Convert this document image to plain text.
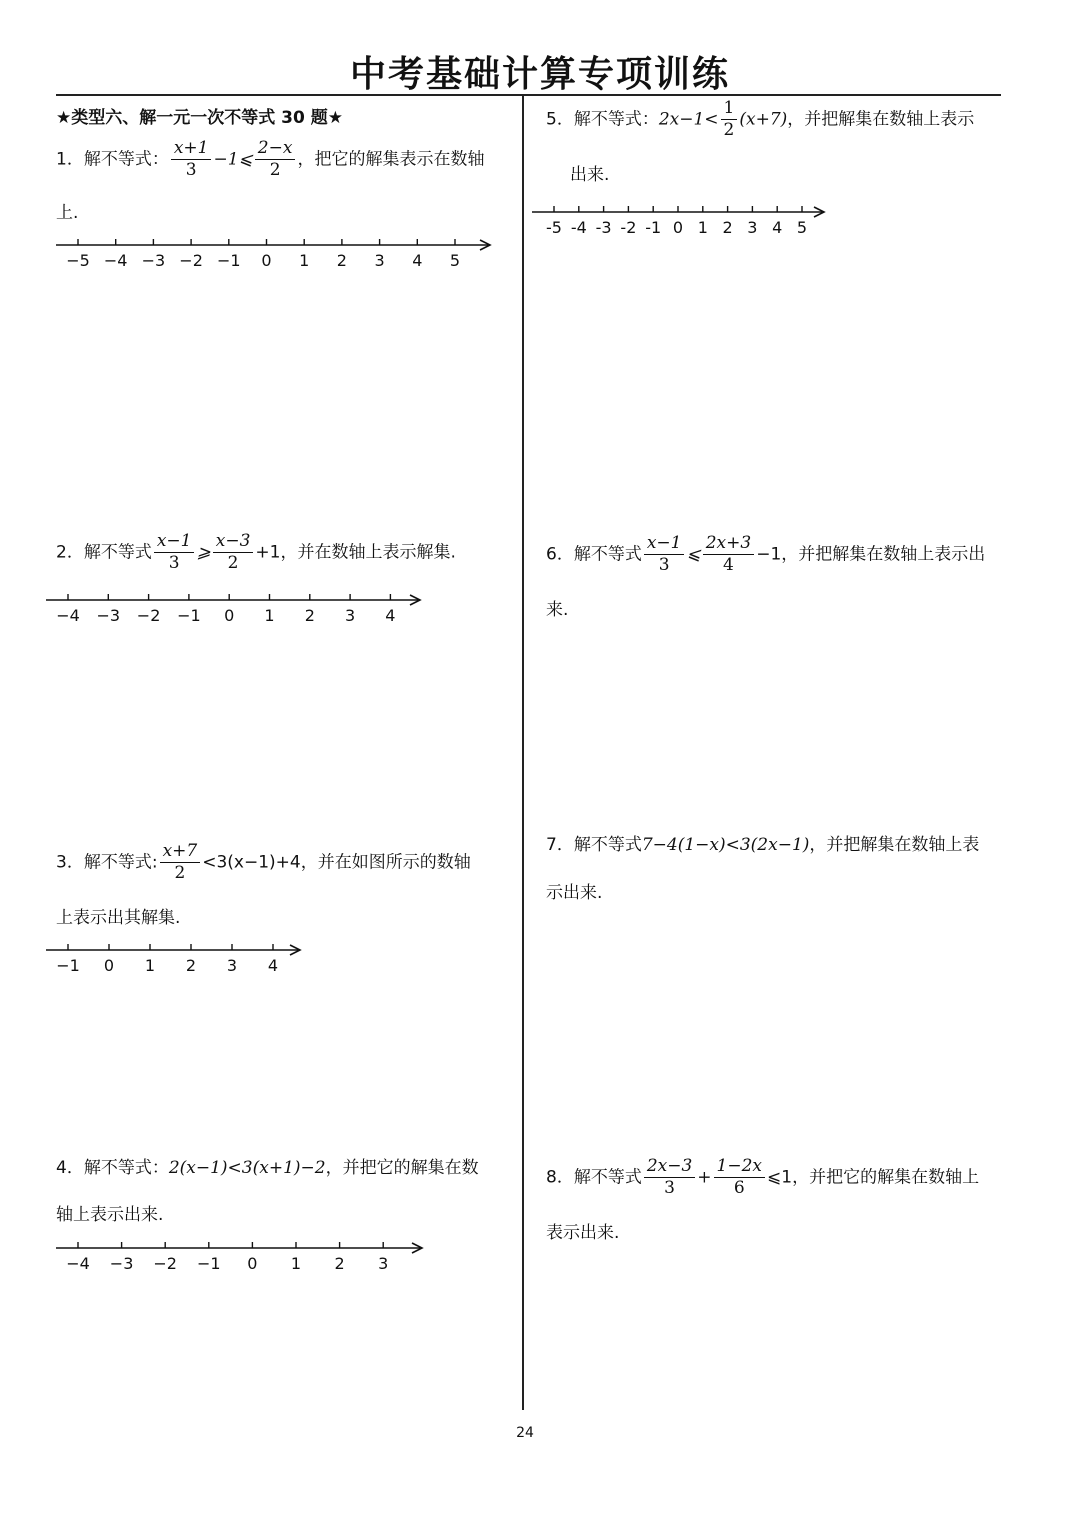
中考基础计算专项训练
★类型六、解一元一次不等式 30 题★
1．解不等式： $\frac{x+1}{3}$ −1⩽ $\frac{2-x}{2}$ ，把它的解集表示在数轴
上.
−5 −4 −3 −2 −1 0 1 2 3 4 5
2．解不等式 $\frac{x-1}{3}$ ⩾ $\frac{x-3}{2} +1$，并在数轴上表示解集.
3．解不等式: $\frac{x+7}{2} <3(x-1)+4$，并在如图所示的数轴
上表示出其解集.
4．解不等式：2(x−1)<3(x+1)−2，并把它的解集在数
轴上表示出来.
5．解不等式：$2x-1< \frac{1}{2} (x+7)$，并把解集在数轴上表示
出来.
6．解不等式 $\frac{x-1}{3}$ ⩽ $\frac{2x+3}{4} -1$，并把解集在数轴上表示出
来.
7．解不等式7−4(1−x)<3(2x−1)，并把解集在数轴上表
示出来.
8．解不等式 $\frac{2x-3}{3} + \frac{1-2x}{6}$ ⩽1，并把它的解集在数轴上
表示出来.
−4 −3 −2 −1 0 1 2 3 4
−1 0 1 2 3 4
−4 −3 −2 −1 0 1 2 3
-5 -4 -3 -2 -1 0 1 2 3 4 5
24
